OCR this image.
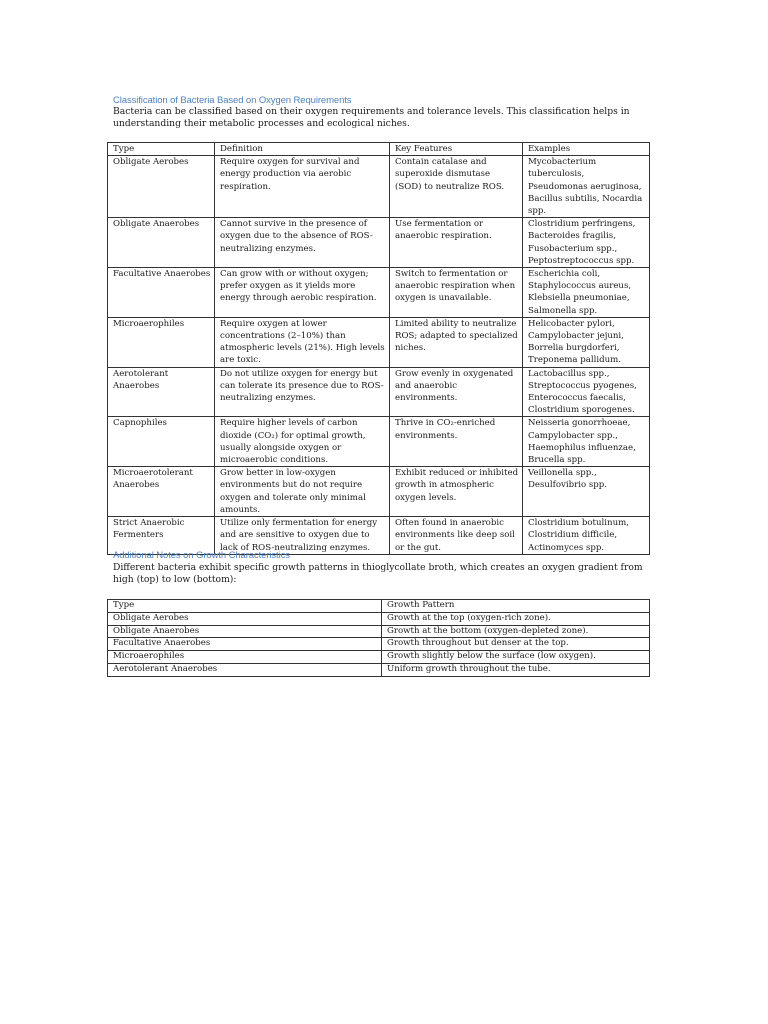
Classification of Bacteria Based on Oxygen Requirements
Bacteria can be classified based on their oxygen requirements and tolerance levels. This classification helps in understanding their metabolic processes and ecological niches.
Type	Definition	Key Features	Examples
Obligate Aerobes	Require oxygen for survival and energy production via aerobic respiration.	Contain catalase and superoxide dismutase (SOD) to neutralize ROS.	Mycobacterium tuberculosis, Pseudomonas aeruginosa, Bacillus subtilis, Nocardia spp.
Obligate Anaerobes	Cannot survive in the presence of oxygen due to the absence of ROS-neutralizing enzymes.	Use fermentation or anaerobic respiration.	Clostridium perfringens, Bacteroides fragilis, Fusobacterium spp., Peptostreptococcus spp.
Facultative Anaerobes	Can grow with or without oxygen; prefer oxygen as it yields more energy through aerobic respiration.	Switch to fermentation or anaerobic respiration when oxygen is unavailable.	Escherichia coli, Staphylococcus aureus, Klebsiella pneumoniae, Salmonella spp.
Microaerophiles	Require oxygen at lower concentrations (2–10%) than atmospheric levels (21%). High levels are toxic.	Limited ability to neutralize ROS; adapted to specialized niches.	Helicobacter pylori, Campylobacter jejuni, Borrelia burgdorferi, Treponema pallidum.
Aerotolerant Anaerobes	Do not utilize oxygen for energy but can tolerate its presence due to ROS-neutralizing enzymes.	Grow evenly in oxygenated and anaerobic environments.	Lactobacillus spp., Streptococcus pyogenes, Enterococcus faecalis, Clostridium sporogenes.
Capnophiles	Require higher levels of carbon dioxide (CO₂) for optimal growth, usually alongside oxygen or microaerobic conditions.	Thrive in CO₂-enriched environments.	Neisseria gonorrhoeae, Campylobacter spp., Haemophilus influenzae, Brucella spp.
Microaerotolerant Anaerobes	Grow better in low-oxygen environments but do not require oxygen and tolerate only minimal amounts.	Exhibit reduced or inhibited growth in atmospheric oxygen levels.	Veillonella spp., Desulfovibrio spp.
Strict Anaerobic Fermenters	Utilize only fermentation for energy and are sensitive to oxygen due to lack of ROS-neutralizing enzymes.	Often found in anaerobic environments like deep soil or the gut.	Clostridium botulinum, Clostridium difficile, Actinomyces spp.
Additional Notes on Growth Characteristics
Different bacteria exhibit specific growth patterns in thioglycollate broth, which creates an oxygen gradient from high (top) to low (bottom):
Type	Growth Pattern
Obligate Aerobes	Growth at the top (oxygen-rich zone).
Obligate Anaerobes	Growth at the bottom (oxygen-depleted zone).
Facultative Anaerobes	Growth throughout but denser at the top.
Microaerophiles	Growth slightly below the surface (low oxygen).
Aerotolerant Anaerobes	Uniform growth throughout the tube.
